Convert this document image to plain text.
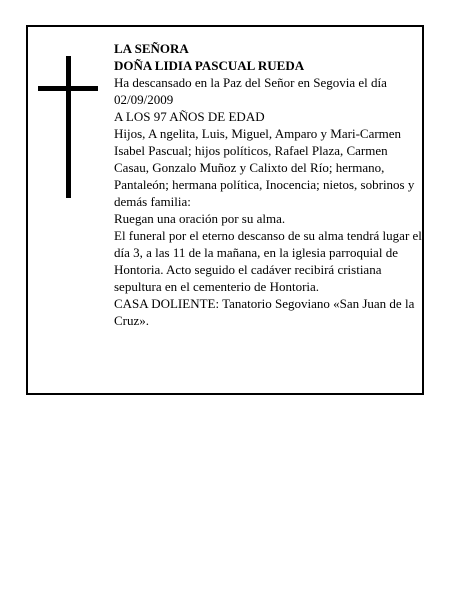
LA SEÑORA

DOÑA LIDIA PASCUAL RUEDA

Ha descansado en la Paz del Señor en Segovia el día 02/09/2009

A LOS 97 AÑOS DE EDAD

Hijos, A ngelita, Luis, Miguel, Amparo y Mari-Carmen Isabel Pascual; hijos políticos, Rafael Plaza, Carmen Casau, Gonzalo Muñoz y Calixto del Río; hermano, Pantaleón; hermana política, Inocencia; nietos, sobrinos y demás familia:

Ruegan una oración por su alma.

El funeral por el eterno descanso de su alma tendrá lugar el día 3, a las 11 de la mañana, en la iglesia parroquial de Hontoria. Acto seguido el cadáver recibirá cristiana sepultura en el cementerio de Hontoria.

CASA DOLIENTE: Tanatorio Segoviano «San Juan de la Cruz».
